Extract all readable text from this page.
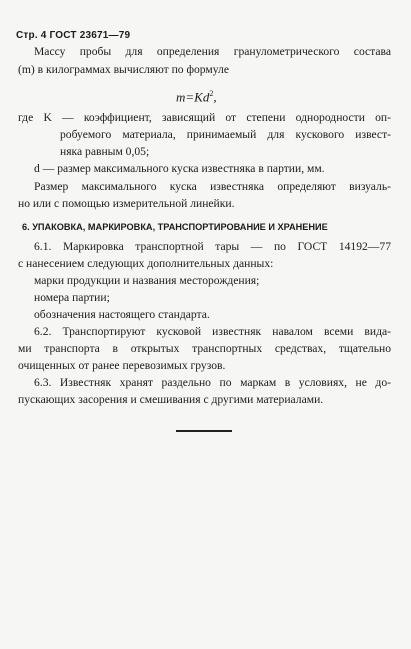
Стр. 4 ГОСТ 23671—79
Массу пробы для определения гранулометрического состава
(m) в килограммах вычисляют по формуле
$m=Kd^2$,
где K — коэффициент, зависящий от степени однородности оп-
робуемого материала, принимаемый для кускового извест-
няка равным 0,05;
d — размер максимального куска известняка в партии, мм.
Размер максимального куска известняка определяют визуаль-
но или с помощью измерительной линейки.
6. УПАКОВКА, МАРКИРОВКА, ТРАНСПОРТИРОВАНИЕ И ХРАНЕНИЕ
6.1. Маркировка транспортной тары — по ГОСТ 14192—77
с нанесением следующих дополнительных данных:
марки продукции и названия месторождения;
номера партии;
обозначения настоящего стандарта.
6.2. Транспортируют кусковой известняк навалом всеми вида-
ми транспорта в открытых транспортных средствах, тщательно
очищенных от ранее перевозимых грузов.
6.3. Известняк хранят раздельно по маркам в условиях, не до-
пускающих засорения и смешивания с другими материалами.
